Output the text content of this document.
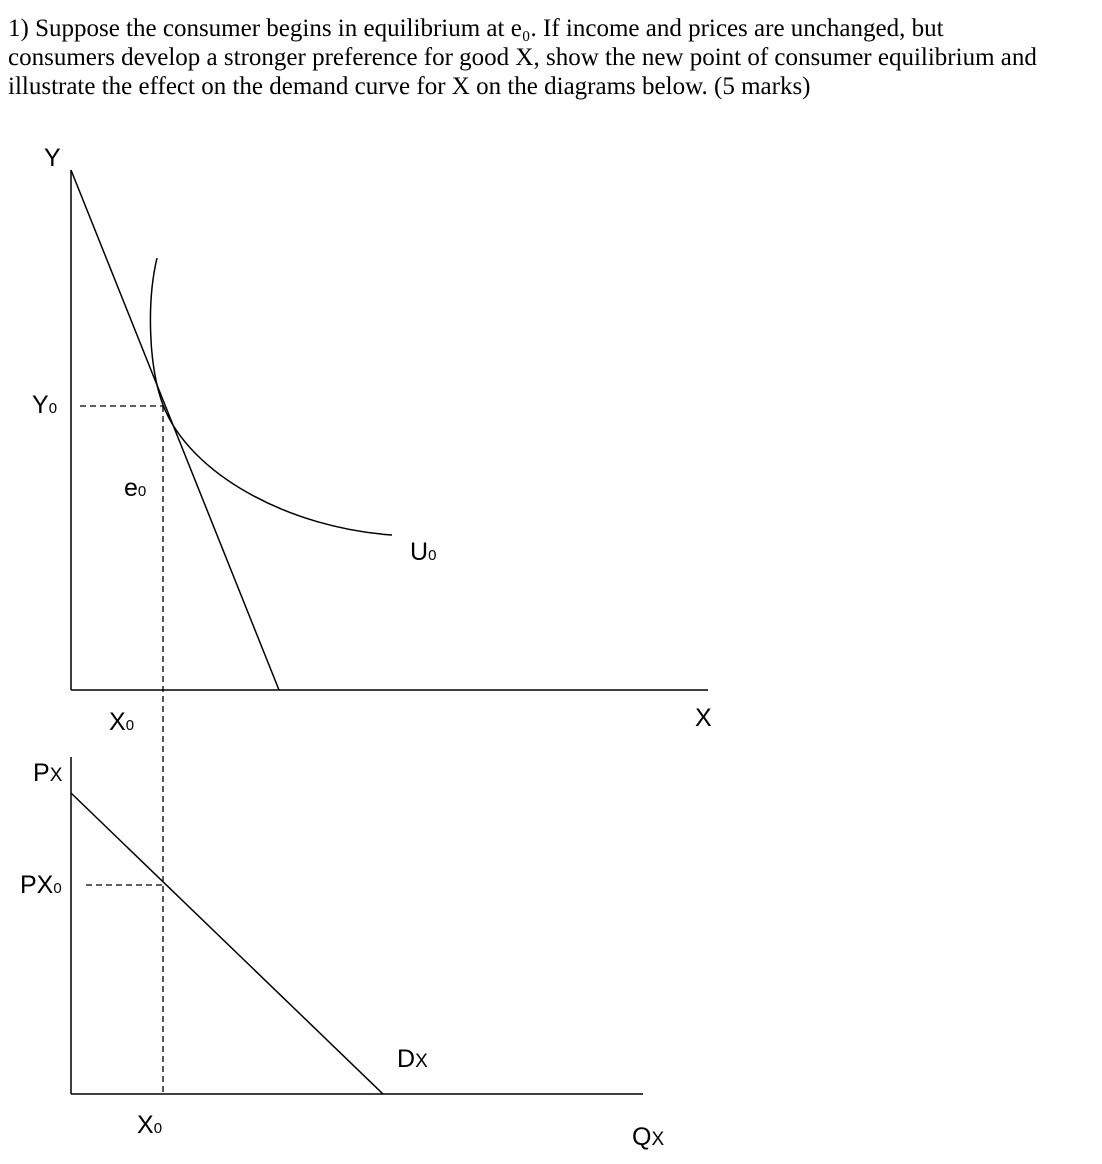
1) Suppose the consumer begins in equilibrium at e₀. If income and prices are unchanged, but
consumers develop a stronger preference for good X, show the new point of consumer equilibrium and
illustrate the effect on the demand curve for X on the diagrams below. (5 marks)
Y
X
Y0
e0
U0
X0
PX
PX0
DX
X0	QX
